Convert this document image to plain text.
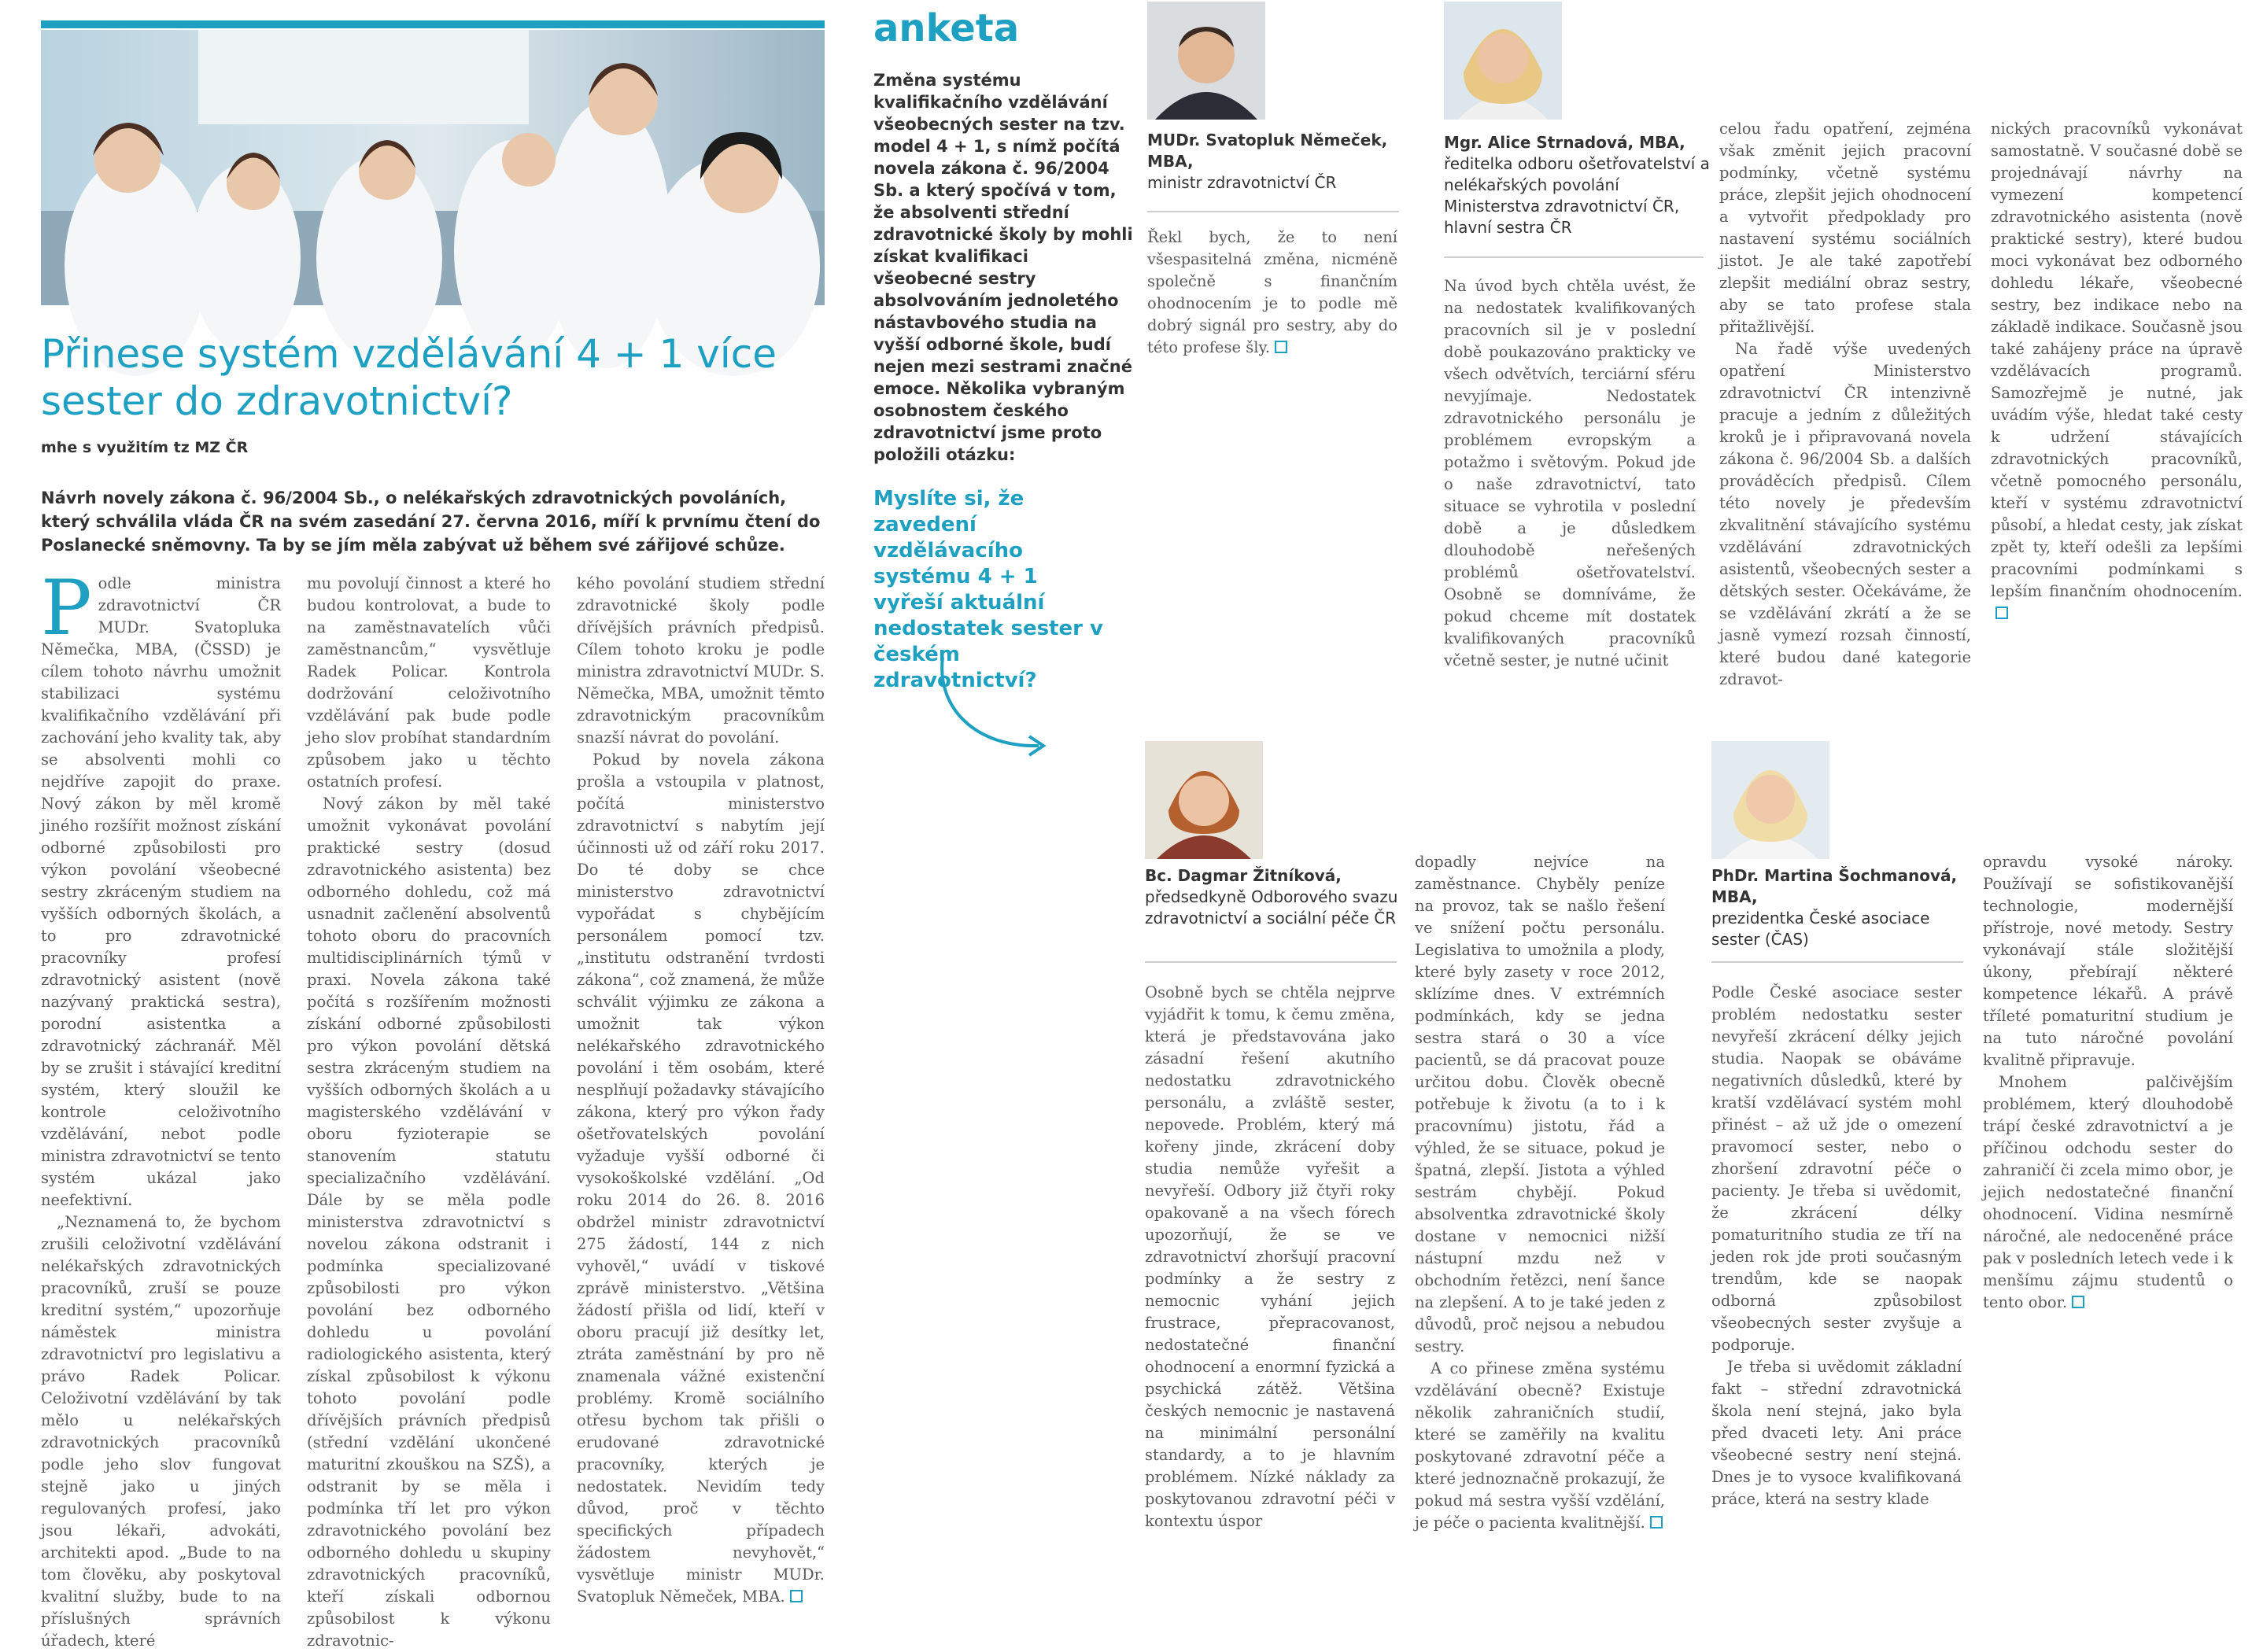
Přinese systém vzdělávání 4 + 1 více sester do zdravotnictví?
mhe s využitím tz MZ ČR

Návrh novely zákona č. 96/2004 Sb., o nelékařských zdravotnických povoláních, který schválila vláda ČR na svém zasedání 27. června 2016, míří k prvnímu čtení do Poslanecké sněmovny. Ta by se jím měla zabývat už během své zářijové schůze.

P odle ministra zdravotnictví ČR MUDr. Svatopluka Němečka, MBA, (ČSSD) je cílem tohoto návrhu umožnit stabilizaci systému kvalifikačního vzdělávání při zachování jeho kvality tak, aby se absolventi mohli co nejdříve zapojit do praxe. Nový zákon by měl kromě jiného rozšířit možnost získání odborné způsobilosti pro výkon povolání všeobecné sestry zkráceným studiem na vyšších odborných školách, a to pro zdravotnické pracovníky profesí zdravotnický asistent (nově nazývaný praktická sestra), porodní asistentka a zdravotnický záchranář. Měl by se zrušit i stávající kreditní systém, který sloužil ke kontrole celoživotního vzdělávání, nebot podle ministra zdravotnictví se tento systém ukázal jako neefektivní.

„Neznamená to, že bychom zrušili celoživotní vzdělávání nelékařských zdravotnických pracovníků, zruší se pouze kreditní systém,“ upozorňuje náměstek ministra zdravotnictví pro legislativu a právo Radek Policar. Celoživotní vzdělávání by tak mělo u nelékařských zdravotnických pracovníků podle jeho slov fungovat stejně jako u jiných regulovaných profesí, jako jsou lékaři, advokáti, architekti apod. „Bude to na tom člověku, aby poskytoval kvalitní služby, bude to na příslušných správních úřadech, které

mu povolují činnost a které ho budou kontrolovat, a bude to na zaměstnavatelích vůči zaměstnancům,“ vysvětluje Radek Policar. Kontrola dodržování celoživotního vzdělávání pak bude podle jeho slov probíhat standardním způsobem jako u těchto ostatních profesí.

Nový zákon by měl také umožnit vykonávat povolání praktické sestry (dosud zdravotnického asistenta) bez odborného dohledu, což má usnadnit začlenění absolventů tohoto oboru do pracovních multidisciplinárních týmů v praxi. Novela zákona také počítá s rozšířením možnosti získání odborné způsobilosti pro výkon povolání dětská sestra zkráceným studiem na vyšších odborných školách a u magisterského vzdělávání v oboru fyzioterapie se stanovením statutu specializačního vzdělávání. Dále by se měla podle ministerstva zdravotnictví s novelou zákona odstranit i podmínka specializované způsobilosti pro výkon povolání bez odborného dohledu u povolání radiologického asistenta, který získal způsobilost k výkonu tohoto povolání podle dřívějších právních předpisů (střední vzdělání ukončené maturitní zkouškou na SZŠ), a odstranit by se měla i podmínka tří let pro výkon zdravotnického povolání bez odborného dohledu u skupiny zdravotnických pracovníků, kteří získali odbornou způsobilost k výkonu zdravotnic-

kého povolání studiem střední zdravotnické školy podle dřívějších právních předpisů. Cílem tohoto kroku je podle ministra zdravotnictví MUDr. S. Němečka, MBA, umožnit těmto zdravotnickým pracovníkům snazší návrat do povolání.

Pokud by novela zákona prošla a vstoupila v platnost, počítá ministerstvo zdravotnictví s nabytím její účinnosti už od září roku 2017. Do té doby se chce ministerstvo zdravotnictví vypořádat s chybějícím personálem pomocí tzv. „institutu odstranění tvrdosti zákona“, což znamená, že může schválit výjimku ze zákona a umožnit tak výkon nelékařského zdravotnického povolání i těm osobám, které nesplňují požadavky stávajícího zákona, který pro výkon řady ošetřovatelských povolání vyžaduje vyšší odborné či vysokoškolské vzdělání. „Od roku 2014 do 26. 8. 2016 obdržel ministr zdravotnictví 275 žádostí, 144 z nich vyhověl,“ uvádí v tiskové zprávě ministerstvo. „Většina žádostí přišla od lidí, kteří v oboru pracují již desítky let, ztráta zaměstnání by pro ně znamenala vážné existenční problémy. Kromě sociálního otřesu bychom tak přišli o erudované zdravotnické pracovníky, kterých je nedostatek. Nevidím tedy důvod, proč v těchto specifických případech žádostem nevyhovět,“ vysvětluje ministr MUDr. Svatopluk Němeček, MBA.

anketa

Změna systému kvalifikačního vzdělávání všeobecných sester na tzv. model 4 + 1, s nímž počítá novela zákona č. 96/2004 Sb. a který spočívá v tom, že absolventi střední zdravotnické školy by mohli získat kvalifikaci všeobecné sestry absolvováním jednoletého nástavbového studia na vyšší odborné škole, budí nejen mezi sestrami značné emoce. Několika vybraným osobnostem českého zdravotnictví jsme proto položili otázku:

Myslíte si, že zavedení vzdělávacího systému 4 + 1 vyřeší aktuální nedostatek sester v českém zdravotnictví?

MUDr. Svatopluk Němeček, MBA,
ministr zdravotnictví ČR

Řekl bych, že to není všespasitelná změna, nicméně společně s finančním ohodnocením je to podle mě dobrý signál pro sestry, aby do této profese šly.

Mgr. Alice Strnadová, MBA,
ředitelka odboru ošetřovatelství a nelékařských povolání Ministerstva zdravotnictví ČR, hlavní sestra ČR

Na úvod bych chtěla uvést, že na nedostatek kvalifikovaných pracovních sil je v poslední době poukazováno prakticky ve všech odvětvích, terciární sféru nevyjímaje. Nedostatek zdravotnického personálu je problémem evropským a potažmo i světovým. Pokud jde o naše zdravotnictví, tato situace se vyhrotila v poslední době a je důsledkem dlouhodobě neřešených problémů ošetřovatelství. Osobně se domníváme, že pokud chceme mít dostatek kvalifikovaných pracovníků včetně sester, je nutné učinit

celou řadu opatření, zejména však změnit jejich pracovní podmínky, včetně systému práce, zlepšit jejich ohodnocení a vytvořit předpoklady pro nastavení systému sociálních jistot. Je ale také zapotřebí zlepšit mediální obraz sestry, aby se tato profese stala přitažlivější.

Na řadě výše uvedených opatření Ministerstvo zdravotnictví ČR intenzivně pracuje a jedním z důležitých kroků je i připravovaná novela zákona č. 96/2004 Sb. a dalších prováděcích předpisů. Cílem této novely je především zkvalitnění stávajícího systému vzdělávání zdravotnických asistentů, všeobecných sester a dětských sester. Očekáváme, že se vzdělávání zkrátí a že se jasně vymezí rozsah činností, které budou dané kategorie zdravot-

nických pracovníků vykonávat samostatně. V současné době se projednávají návrhy na vymezení kompetencí zdravotnického asistenta (nově praktické sestry), které budou moci vykonávat bez odborného dohledu lékaře, všeobecné sestry, bez indikace nebo na základě indikace. Současně jsou také zahájeny práce na úpravě vzdělávacích programů. Samozřejmě je nutné, jak uvádím výše, hledat také cesty k udržení stávajících zdravotnických pracovníků, včetně pomocného personálu, kteří v systému zdravotnictví působí, a hledat cesty, jak získat zpět ty, kteří odešli za lepšími pracovními podmínkami s lepším finančním ohodnocením.

Bc. Dagmar Žitníková,
předsedkyně Odborového svazu zdravotnictví a sociální péče ČR

Osobně bych se chtěla nejprve vyjádřit k tomu, k čemu změna, která je představována jako zásadní řešení akutního nedostatku zdravotnického personálu, a zvláště sester, nepovede. Problém, který má kořeny jinde, zkrácení doby studia nemůže vyřešit a nevyřeší. Odbory již čtyři roky opakovaně a na všech fórech upozorňují, že se ve zdravotnictví zhoršují pracovní podmínky a že sestry z nemocnic vyhání jejich frustrace, přepracovanost, nedostatečné finanční ohodnocení a enormní fyzická a psychická zátěž. Většina českých nemocnic je nastavená na minimální personální standardy, a to je hlavním problémem. Nízké náklady za poskytovanou zdravotní péči v kontextu úspor

dopadly nejvíce na zaměstnance. Chyběly peníze na provoz, tak se našlo řešení ve snížení počtu personálu. Legislativa to umožnila a plody, které byly zasety v roce 2012, sklízíme dnes. V extrémních podmínkách, kdy se jedna sestra stará o 30 a více pacientů, se dá pracovat pouze určitou dobu. Člověk obecně potřebuje k životu (a to i k pracovnímu) jistotu, řád a výhled, že se situace, pokud je špatná, zlepší. Jistota a výhled sestrám chybějí. Pokud absolventka zdravotnické školy dostane v nemocnici nižší nástupní mzdu než v obchodním řetězci, není šance na zlepšení. A to je také jeden z důvodů, proč nejsou a nebudou sestry.

A co přinese změna systému vzdělávání obecně? Existuje několik zahraničních studií, které se zaměřily na kvalitu poskytované zdravotní péče a které jednoznačně prokazují, že pokud má sestra vyšší vzdělání, je péče o pacienta kvalitnější.

PhDr. Martina Šochmanová, MBA,
prezidentka České asociace sester (ČAS)

Podle České asociace sester problém nedostatku sester nevyřeší zkrácení délky jejich studia. Naopak se obáváme negativních důsledků, které by kratší vzdělávací systém mohl přinést – až už jde o omezení pravomocí sester, nebo o zhoršení zdravotní péče o pacienty. Je třeba si uvědomit, že zkrácení délky pomaturitního studia ze tří na jeden rok jde proti současným trendům, kde se naopak odborná způsobilost všeobecných sester zvyšuje a podporuje.

Je třeba si uvědomit základní fakt – střední zdravotnická škola není stejná, jako byla před dvaceti lety. Ani práce všeobecné sestry není stejná. Dnes je to vysoce kvalifikovaná práce, která na sestry klade

opravdu vysoké nároky. Používají se sofistikovanější technologie, modernější přístroje, nové metody. Sestry vykonávají stále složitější úkony, přebírají některé kompetence lékařů. A právě tříleté pomaturitní studium je na tuto náročné povolání kvalitně připravuje.

Mnohem palčivějším problémem, který dlouhodobě trápí české zdravotnictví a je příčinou odchodu sester do zahraničí či zcela mimo obor, je jejich nedostatečné finanční ohodnocení. Vidina nesmírně náročné, ale nedoceněné práce pak v posledních letech vede i k menšímu zájmu studentů o tento obor.
